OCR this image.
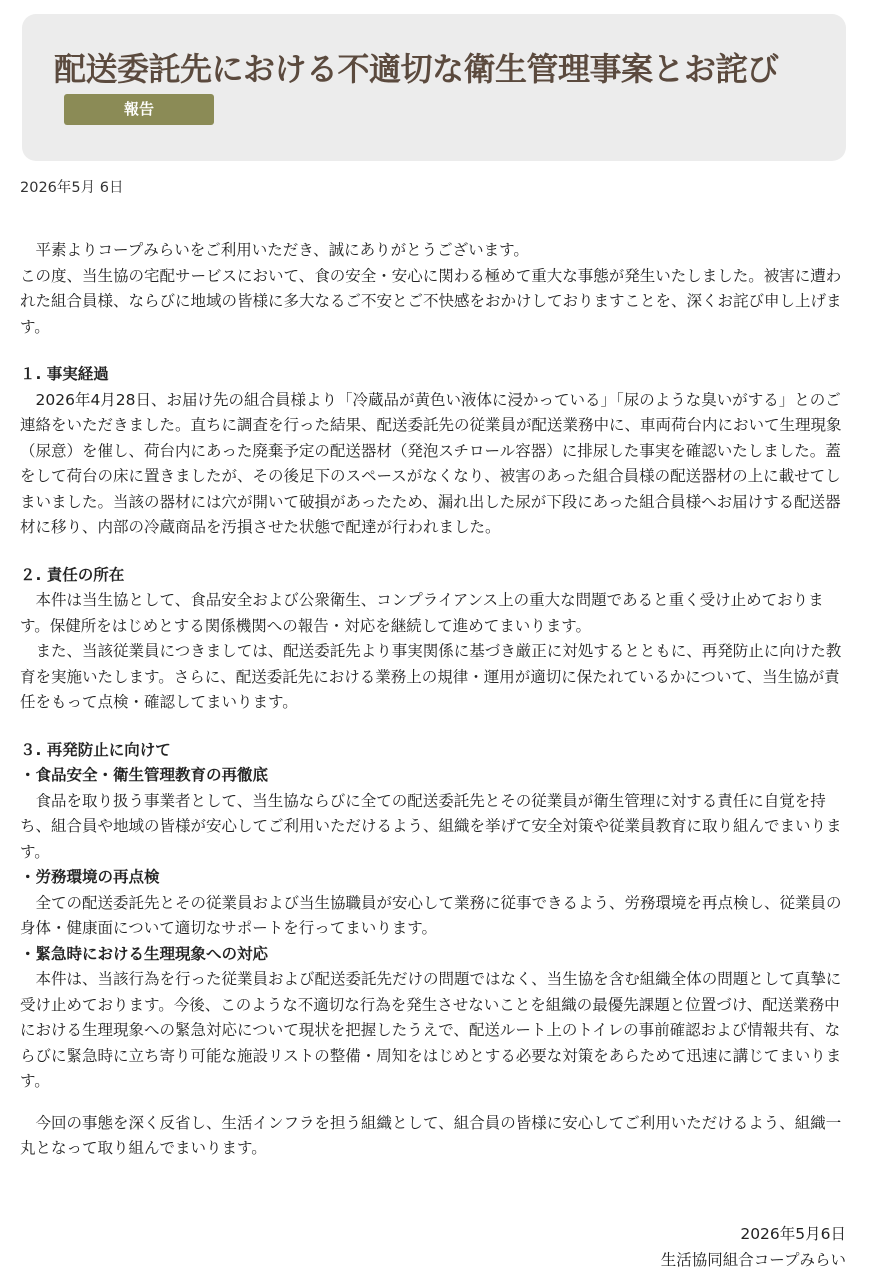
配送委託先における不適切な衛生管理事案とお詫び
報告
2026年5月 6日

平素よりコープみらいをご利用いただき、誠にありがとうございます。

この度、当生協の宅配サービスにおいて、食の安全・安心に関わる極めて重大な事態が発生いたしました。被害に遭われた組合員様、ならびに地域の皆様に多大なるご不安とご不快感をおかけしておりますことを、深くお詫び申し上げます。

１. 事実経過

2026年4月28日、お届け先の組合員様より「冷蔵品が黄色い液体に浸かっている」「尿のような臭いがする」とのご連絡をいただきました。直ちに調査を行った結果、配送委託先の従業員が配送業務中に、車両荷台内において生理現象（尿意）を催し、荷台内にあった廃棄予定の配送器材（発泡スチロール容器）に排尿した事実を確認いたしました。蓋をして荷台の床に置きましたが、その後足下のスペースがなくなり、被害のあった組合員様の配送器材の上に載せてしまいました。当該の器材には穴が開いて破損があったため、漏れ出した尿が下段にあった組合員様へお届けする配送器材に移り、内部の冷蔵商品を汚損させた状態で配達が行われました。

２. 責任の所在

本件は当生協として、食品安全および公衆衛生、コンプライアンス上の重大な問題であると重く受け止めております。保健所をはじめとする関係機関への報告・対応を継続して進めてまいります。

また、当該従業員につきましては、配送委託先より事実関係に基づき厳正に対処するとともに、再発防止に向けた教育を実施いたします。さらに、配送委託先における業務上の規律・運用が適切に保たれているかについて、当生協が責任をもって点検・確認してまいります。

３. 再発防止に向けて

・食品安全・衛生管理教育の再徹底

食品を取り扱う事業者として、当生協ならびに全ての配送委託先とその従業員が衛生管理に対する責任に自覚を持ち、組合員や地域の皆様が安心してご利用いただけるよう、組織を挙げて安全対策や従業員教育に取り組んでまいります。

・労務環境の再点検

全ての配送委託先とその従業員および当生協職員が安心して業務に従事できるよう、労務環境を再点検し、従業員の身体・健康面について適切なサポートを行ってまいります。

・緊急時における生理現象への対応

本件は、当該行為を行った従業員および配送委託先だけの問題ではなく、当生協を含む組織全体の問題として真摯に受け止めております。今後、このような不適切な行為を発生させないことを組織の最優先課題と位置づけ、配送業務中における生理現象への緊急対応について現状を把握したうえで、配送ルート上のトイレの事前確認および情報共有、ならびに緊急時に立ち寄り可能な施設リストの整備・周知をはじめとする必要な対策をあらためて迅速に講じてまいります。

今回の事態を深く反省し、生活インフラを担う組織として、組合員の皆様に安心してご利用いただけるよう、組織一丸となって取り組んでまいります。

2026年5月6日
生活協同組合コープみらい
